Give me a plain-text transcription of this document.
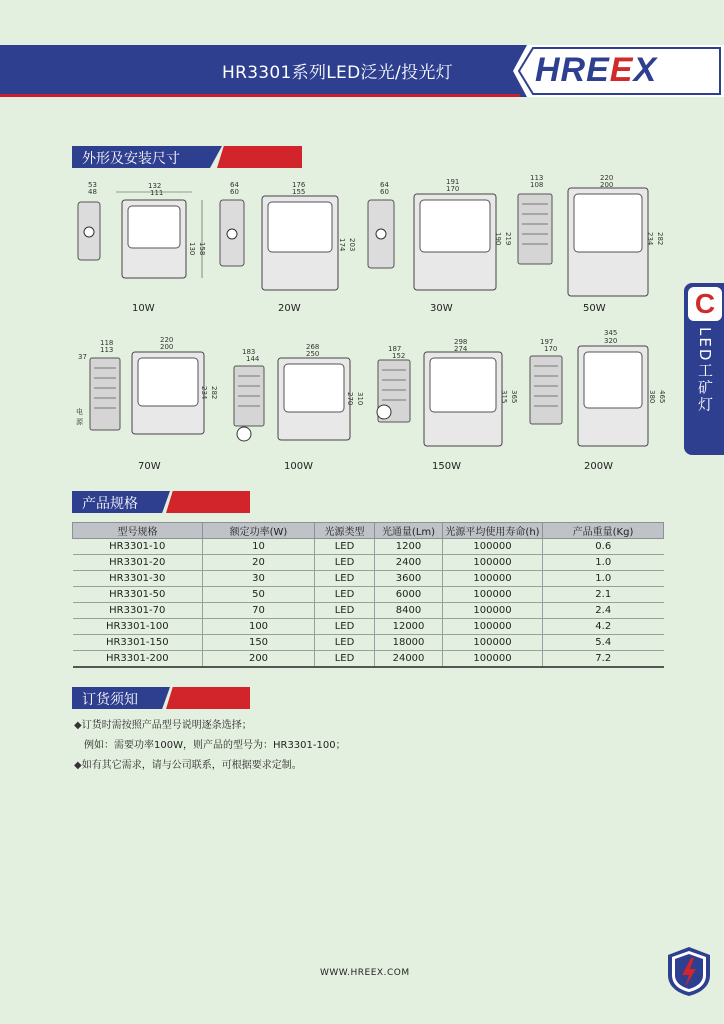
HR3301系列LED泛光/投光灯 HREEX
外形及安装尺寸
C
LED工矿灯
53
48
132
111
130 158
10W
64
60
176
155
174 203
20W
64
60
191
170
190 219
30W
113
108
220
200
234 282
50W
118
113
37
220
200
234 282
电
源
70W
183
144
268
250
270 310
100W
187
152
298
274
315 365
150W
197
170
345
320
380 465
200W
产品规格
型号规格	额定功率(W)	光源类型	光通量(Lm)	光源平均使用寿命(h)	产品重量(Kg)
HR3301-10	10	LED	1200	100000	0.6
HR3301-20	20	LED	2400	100000	1.0
HR3301-30	30	LED	3600	100000	1.0
HR3301-50	50	LED	6000	100000	2.1
HR3301-70	70	LED	8400	100000	2.4
HR3301-100	100	LED	12000	100000	4.2
HR3301-150	150	LED	18000	100000	5.4
HR3301-200	200	LED	24000	100000	7.2
订货须知
◆订货时需按照产品型号说明逐条选择；
例如：需要功率100W，则产品的型号为：HR3301-100；
◆如有其它需求，请与公司联系，可根据要求定制。
WWW.HREEX.COM
